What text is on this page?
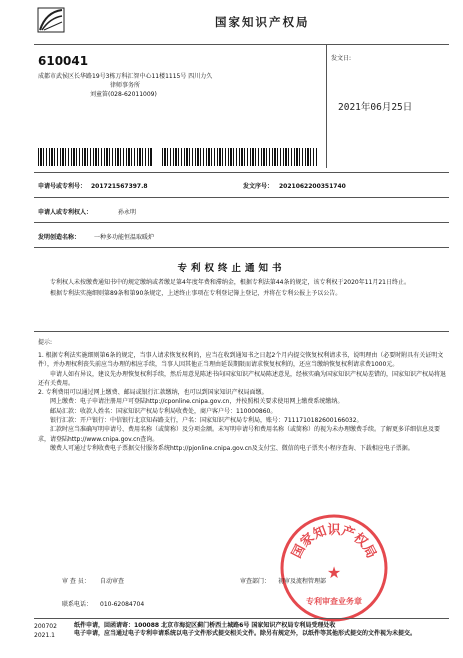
国家知识产权局
610041
成都市武侯区长华路19号3栋万科汇智中心11楼1115号 四川力久
律师事务所
刘童笛(028-62011009)
发文日:
2021年06月25日
申请号或专利号： 201721567397.8	发文序号： 2021062200351740
申请人或专利权人：	孙永明
发明创造名称： 一种多功能恒温取暖炉
专利权终止通知书

专利权人未按缴费通知书中的规定缴纳或者缴足第4年度年费和滞纳金，根据专利法第44条的规定，该专利权于2020年11月21日终止。

根据专利法实施细则第89条和第90条规定，上述终止事项在专利登记簿上登记，并将在专利公报上予以公告。

提示:

1. 根据专利法实施细则第6条的规定，当事人请求恢复权利的，应当在收到通知书之日起2个月内提交恢复权利请求书，说明理由（必要时附具有关证明文件），并办理权利丧失前应当办理的相应手续，当事人因其他正当理由延误期限而请求恢复权利的，还应当缴纳恢复权利请求费1000元。

申请人如有异议，建议先办理恢复权利手续，然后用意见陈述书向国家知识产权局陈述意见，经核实确为国家知识产权局差错的，国家知识产权局将退还有关费用。

2. 专利费用可以通过网上缴费、邮局或银行汇款缴纳，也可以到国家知识产权局面缴。

网上缴费：电子申请注册用户可登陆http://cponline.cnipa.gov.cn，并按照相关要求使用网上缴费系统缴纳。

邮局汇款：收款人姓名：国家知识产权局专利局收费处，商户客户号：110000860。

银行汇款：开户银行：中信银行北京知春路支行，户名：国家知识产权局专利局，账号：7111710182600166032。

汇款时应当准确写明申请号、费用名称（或简称）及分项金额。未写明申请号和费用名称（或简称）的视为未办理缴费手续。了解更多详细信息及要求，请登陆http://www.cnipa.gov.cn查询。

缴费人可通过专利收费电子票据交付服务系统http://pjonline.cnipa.gov.cn及支付宝、微信的电子票夹小程序查询、下载相应电子票据。

国家知识产权局
★
专利审查业务章
审 查 员： 自动审查	审查部门： 初审及流程管理部
联系电话： 010-62084704
200702
2021.1
纸件申请，回函请寄：100088 北京市海淀区蓟门桥西土城路6号 国家知识产权局专利局受理处收
电子申请，应当通过电子专利申请系统以电子文件形式提交相关文件。除另有规定外，以纸件等其他形式提交的文件视为未提交。
